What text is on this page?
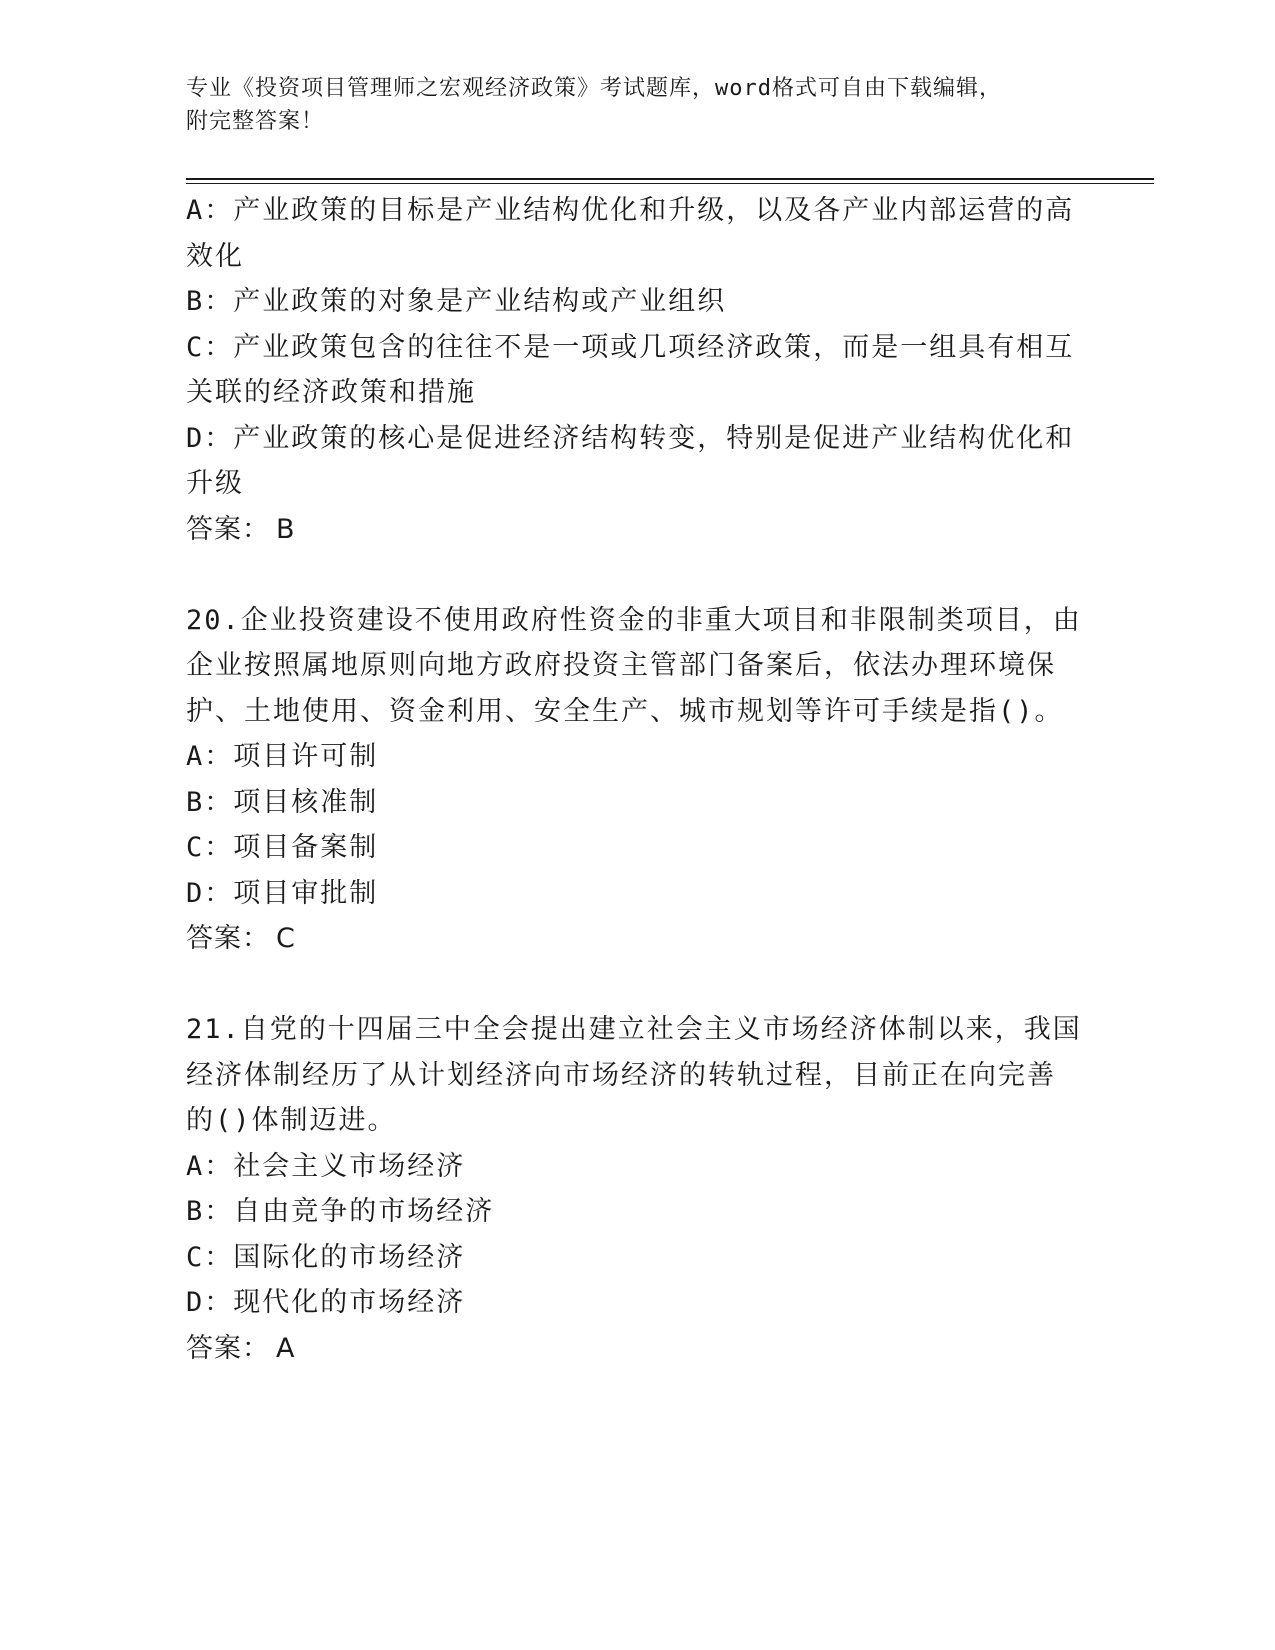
专业《投资项目管理师之宏观经济政策》考试题库，word格式可自由下载编辑，
附完整答案！
A：产业政策的目标是产业结构优化和升级，以及各产业内部运营的高
效化
B：产业政策的对象是产业结构或产业组织
C：产业政策包含的往往不是一项或几项经济政策，而是一组具有相互
关联的经济政策和措施
D：产业政策的核心是促进经济结构转变，特别是促进产业结构优化和
升级
答案： B
20.企业投资建设不使用政府性资金的非重大项目和非限制类项目，由
企业按照属地原则向地方政府投资主管部门备案后，依法办理环境保
护、土地使用、资金利用、安全生产、城市规划等许可手续是指()。
A：项目许可制
B：项目核准制
C：项目备案制
D：项目审批制
答案： C
21.自党的十四届三中全会提出建立社会主义市场经济体制以来，我国
经济体制经历了从计划经济向市场经济的转轨过程，目前正在向完善
的()体制迈进。
A：社会主义市场经济
B：自由竞争的市场经济
C：国际化的市场经济
D：现代化的市场经济
答案： A
